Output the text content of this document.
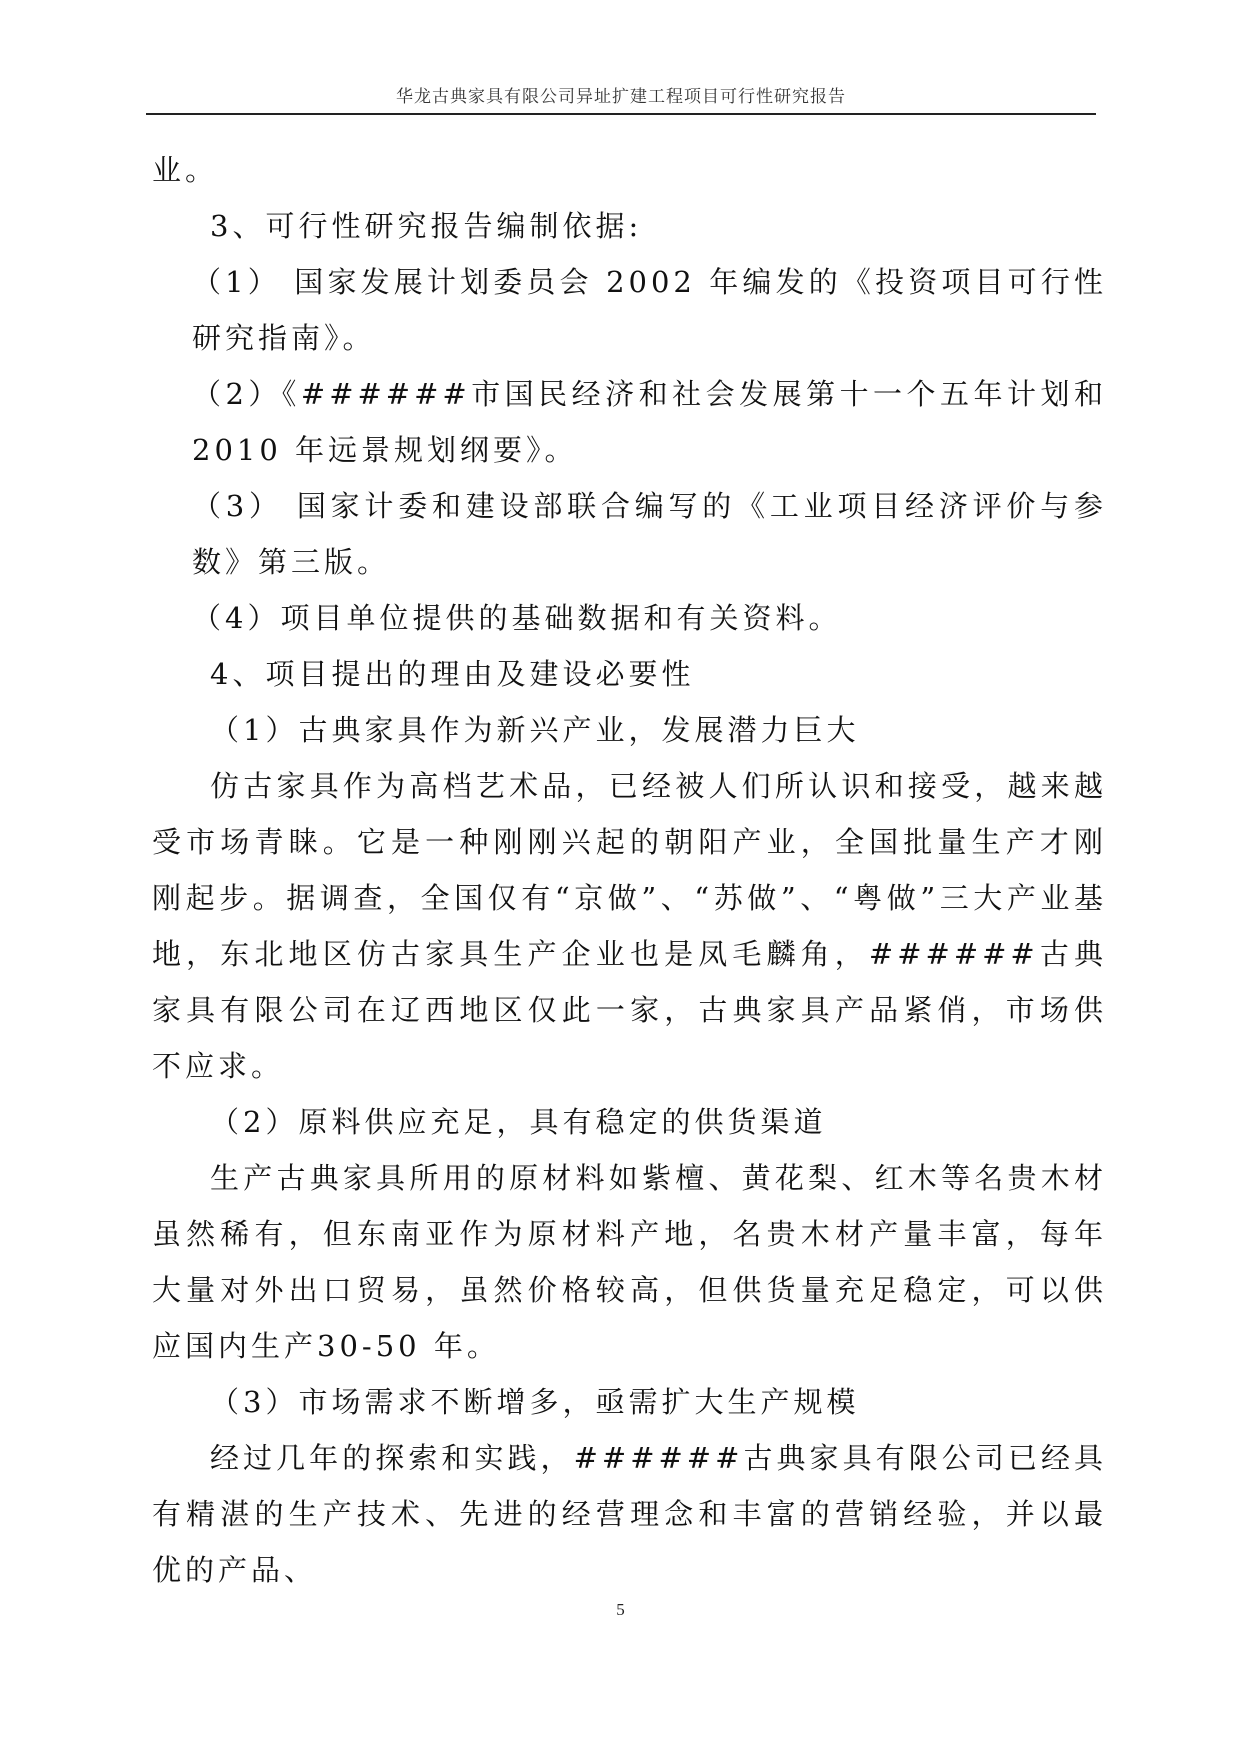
华龙古典家具有限公司异址扩建工程项目可行性研究报告

业。

3、可行性研究报告编制依据:

（1） 国家发展计划委员会 2002 年编发的《投资项目可行性研究指南》。

（2）《######市国民经济和社会发展第十一个五年计划和 2010 年远景规划纲要》。

（3） 国家计委和建设部联合编写的《工业项目经济评价与参数》第三版。

（4）项目单位提供的基础数据和有关资料。

4、项目提出的理由及建设必要性

（1）古典家具作为新兴产业，发展潜力巨大

仿古家具作为高档艺术品，已经被人们所认识和接受，越来越受市场青睐。它是一种刚刚兴起的朝阳产业，全国批量生产才刚刚起步。据调查，全国仅有“京做”、“苏做”、“粤做”三大产业基地，东北地区仿古家具生产企业也是凤毛麟角，######古典家具有限公司在辽西地区仅此一家，古典家具产品紧俏，市场供不应求。

（2）原料供应充足，具有稳定的供货渠道

生产古典家具所用的原材料如紫檀、黄花梨、红木等名贵木材虽然稀有，但东南亚作为原材料产地，名贵木材产量丰富，每年大量对外出口贸易，虽然价格较高，但供货量充足稳定，可以供应国内生产30-50 年。

（3）市场需求不断增多，亟需扩大生产规模

经过几年的探索和实践，######古典家具有限公司已经具有精湛的生产技术、先进的经营理念和丰富的营销经验，并以最优的产品、

5
